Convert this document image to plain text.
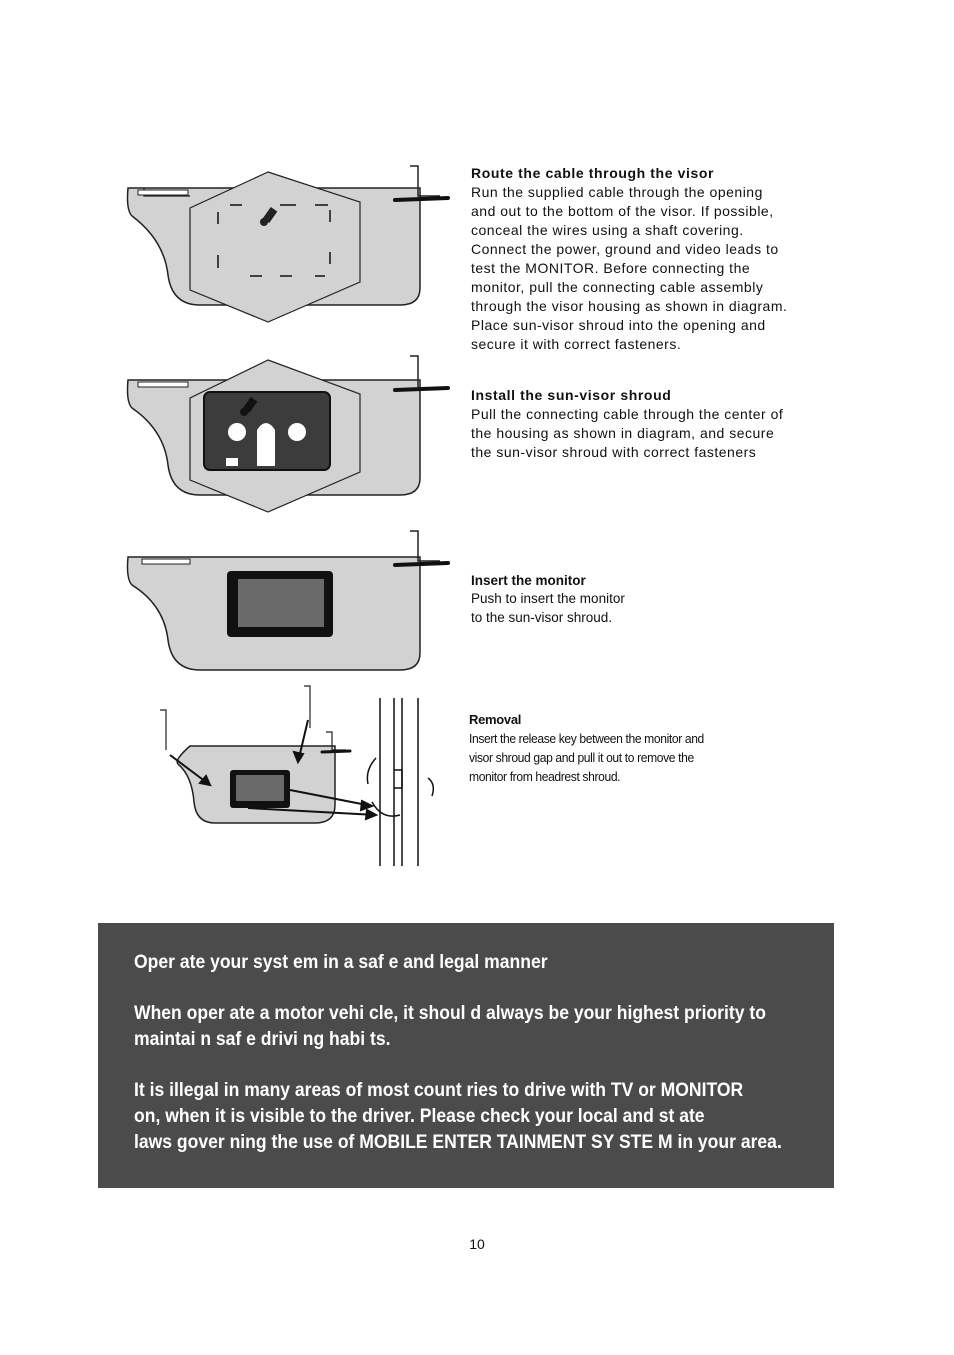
Route the cable through the visor
Run the supplied cable through the opening
and out to the bottom of the visor. If possible,
conceal the wires using a shaft covering.
Connect the power, ground and video leads to
test the MONITOR. Before connecting the
monitor, pull the connecting cable assembly
through the visor housing as shown in diagram.
Place sun-visor shroud into the opening and
secure it with correct fasteners.
Install the sun-visor shroud
Pull the connecting cable through the center of
the housing as shown in diagram, and secure
the sun-visor shroud with correct fasteners
Insert the monitor
Push to insert the monitor
to the sun-visor shroud.
Removal
Insert the release key between the monitor and
visor shroud gap and pull it out to remove the
monitor from headrest shroud.

Oper ate your syst em in a saf e and legal manner

When oper ate a motor vehi cle, it shoul d always be your highest priority to
maintai n saf e drivi ng habi ts.

It is illegal in many areas of most count ries to drive with TV or MONITOR
on, when it is visible to the driver. Please check your local and st ate
laws gover ning the use of MOBILE ENTER TAINMENT SY STE M in your area.

10
